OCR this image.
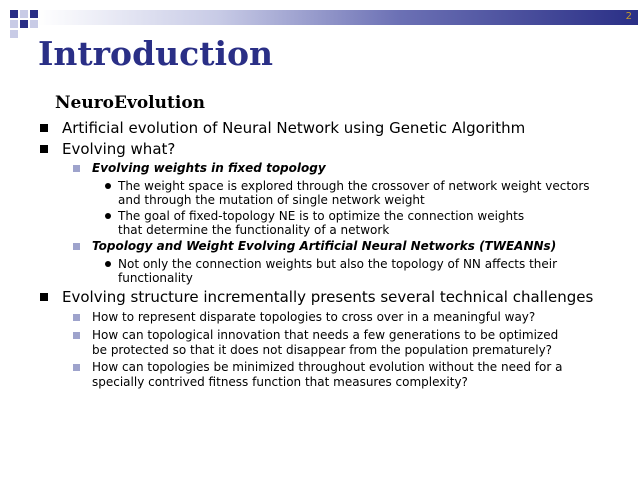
2
Introduction
NeuroEvolution
Artificial evolution of Neural Network using Genetic Algorithm
Evolving what?
Evolving weights in fixed topology
The weight space is explored through the crossover of network weight vectors and through the mutation of single network weight
The goal of fixed-topology NE is to optimize the connection weights that determine the functionality of a network
Topology and Weight Evolving Artificial Neural Networks (TWEANNs)
Not only the connection weights but also the topology of NN affects their functionality
Evolving structure incrementally presents several technical challenges
How to represent disparate topologies to cross over in a meaningful way?
How can topological innovation that needs a few generations to be optimized be protected so that it does not disappear from the population prematurely?
How can topologies be minimized throughout evolution without the need for a specially contrived fitness function that measures complexity?
